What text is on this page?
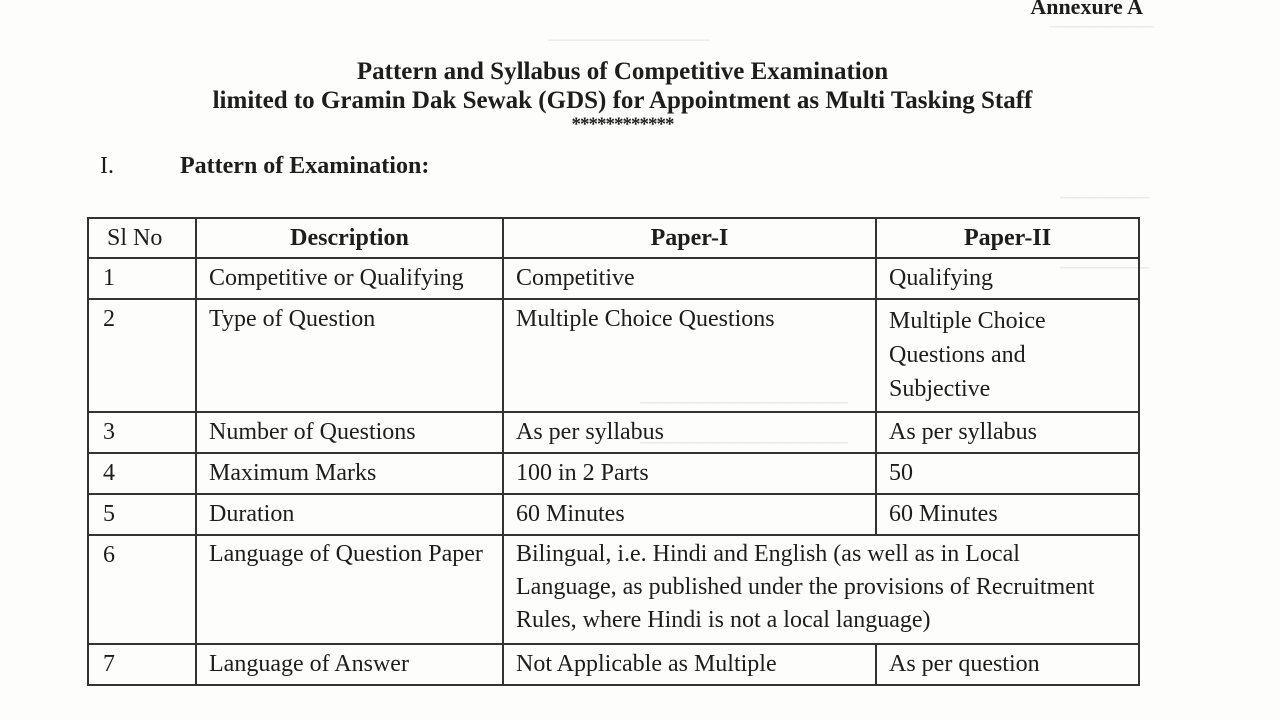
────────────
───────
──────
──────
──────────────
──────────────
Annexure A
Pattern and Syllabus of Competitive Examination
limited to Gramin Dak Sewak (GDS) for Appointment as Multi Tasking Staff
************
I.	Pattern of Examination:
Sl No	Description	Paper-I	Paper-II
1	Competitive or Qualifying	Competitive	Qualifying
2	Type of Question	Multiple Choice Questions	Multiple Choice Questions and Subjective
3	Number of Questions	As per syllabus	As per syllabus
4	Maximum Marks	100 in 2 Parts	50
5	Duration	60 Minutes	60 Minutes
6	Language of Question Paper	Bilingual, i.e. Hindi and English (as well as in Local Language, as published under the provisions of Recruitment Rules, where Hindi is not a local language)	
7	Language of Answer	Not Applicable as Multiple	As per question
